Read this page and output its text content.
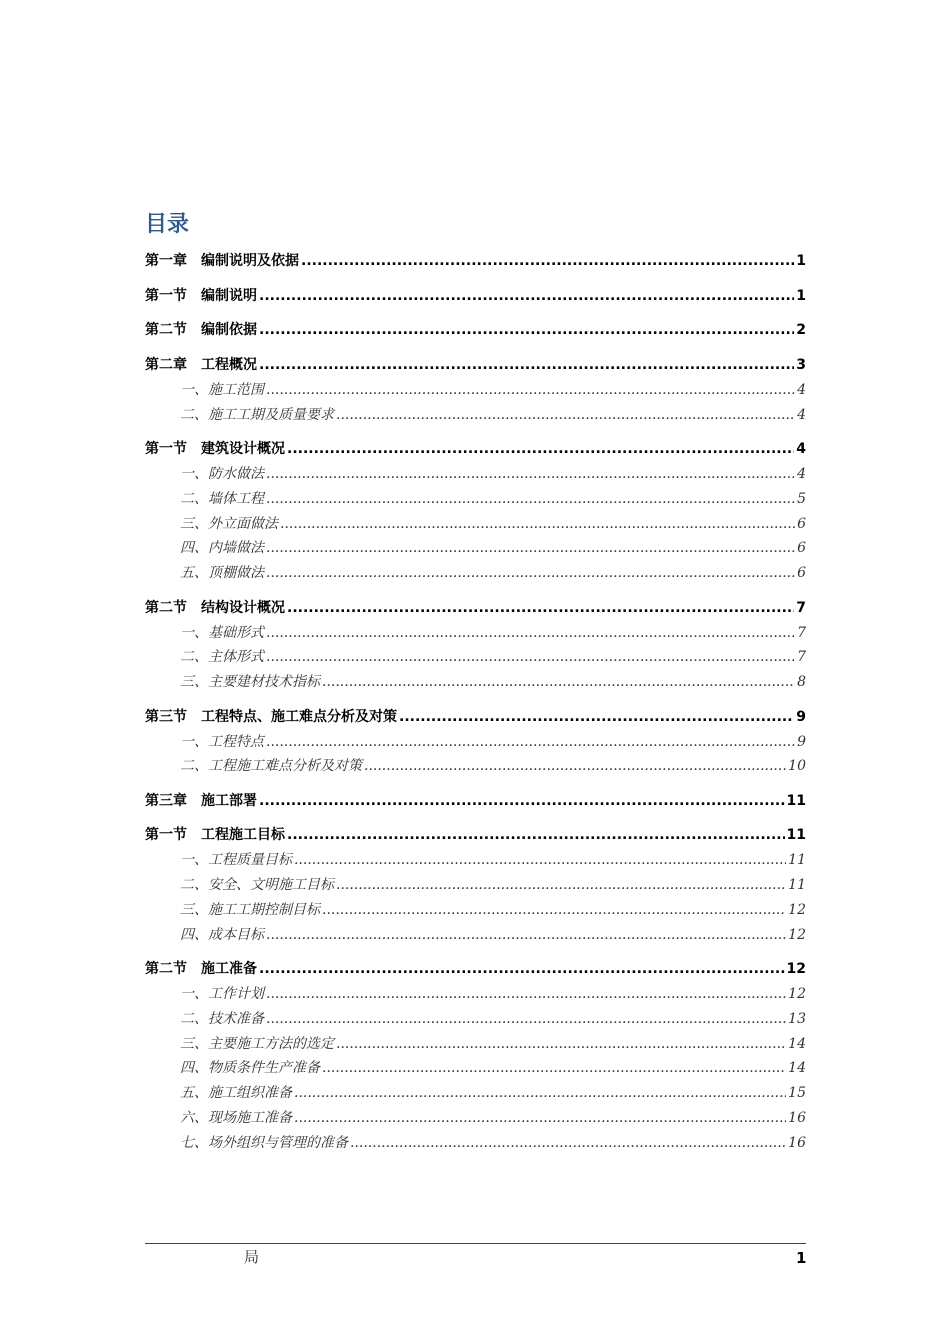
目录
第一章 编制说明及依据 .....	1
第一节 编制说明 .....	1
第二节 编制依据 .....	2
第二章 工程概况 .....	3
一、 施工范围 .....	4
二、 施工工期及质量要求 .....	4
第一节 建筑设计概况 .....	4
一、 防水做法 .....	4
二、 墙体工程 .....	5
三、 外立面做法 .....	6
四、 内墙做法 .....	6
五、 顶棚做法 .....	6
第二节 结构设计概况 .....	7
一、 基础形式 .....	7
二、 主体形式 .....	7
三、 主要建材技术指标 .....	8
第三节 工程特点、施工难点分析及对策 .....	9
一、 工程特点 .....	9
二、 工程施工难点分析及对策 .....	10
第三章 施工部署 .....	11
第一节 工程施工目标 .....	11
一、 工程质量目标 .....	11
二、 安全、文明施工目标 .....	11
三、 施工工期控制目标 .....	12
四、 成本目标 .....	12
第二节 施工准备 .....	12
一、 工作计划 .....	12
二、 技术准备 .....	13
三、 主要施工方法的选定 .....	14
四、 物质条件生产准备 .....	14
五、 施工组织准备 .....	15
六、 现场施工准备 .....	16
七、 场外组织与管理的准备 .....	16
局	1
